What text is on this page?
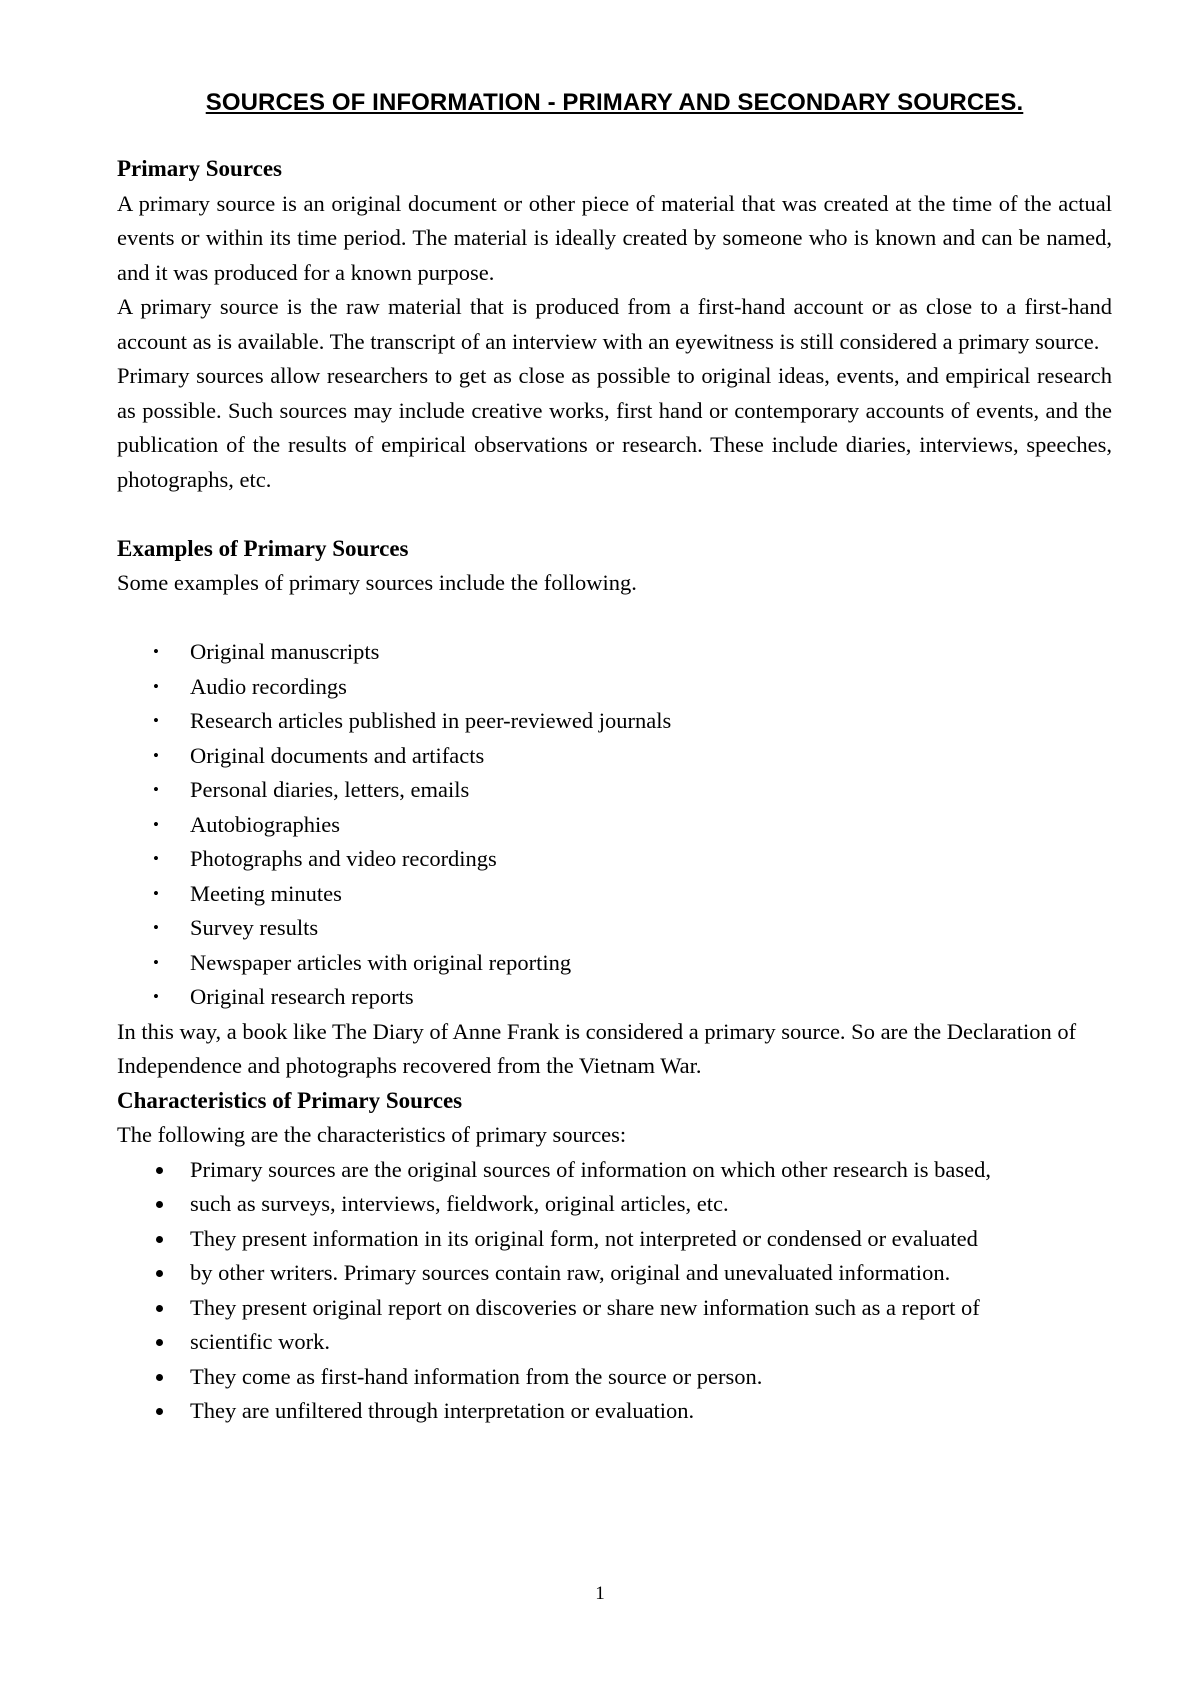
SOURCES OF INFORMATION - PRIMARY AND SECONDARY SOURCES.
Primary Sources

A primary source is an original document or other piece of material that was created at the time of the actual events or within its time period. The material is ideally created by someone who is known and can be named, and it was produced for a known purpose.

A primary source is the raw material that is produced from a first-hand account or as close to a first-hand account as is available. The transcript of an interview with an eyewitness is still considered a primary source.

Primary sources allow researchers to get as close as possible to original ideas, events, and empirical research as possible. Such sources may include creative works, first hand or contemporary accounts of events, and the publication of the results of empirical observations or research. These include diaries, interviews, speeches, photographs, etc.

Examples of Primary Sources

Some examples of primary sources include the following.

• Original manuscripts
• Audio recordings
• Research articles published in peer-reviewed journals
• Original documents and artifacts
• Personal diaries, letters, emails
• Autobiographies
• Photographs and video recordings
• Meeting minutes
• Survey results
• Newspaper articles with original reporting
• Original research reports

In this way, a book like The Diary of Anne Frank is considered a primary source. So are the Declaration of Independence and photographs recovered from the Vietnam War.

Characteristics of Primary Sources

The following are the characteristics of primary sources:

Primary sources are the original sources of information on which other research is based,
such as surveys, interviews, fieldwork, original articles, etc.
They present information in its original form, not interpreted or condensed or evaluated
by other writers. Primary sources contain raw, original and unevaluated information.
They present original report on discoveries or share new information such as a report of
scientific work.
They come as first-hand information from the source or person.
They are unfiltered through interpretation or evaluation.
1
